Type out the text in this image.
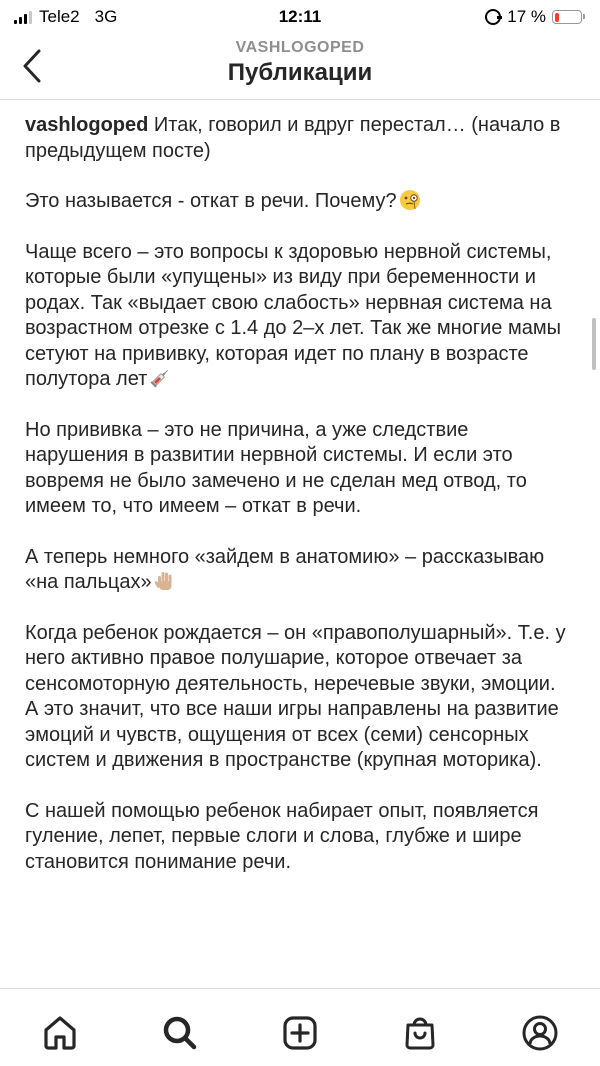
Tele2 3G	12:11	17 %
VASHLOGOPED
Публикации

vashlogoped Итак, говорил и вдруг перестал… (начало в предыдущем посте)

Это называется - откат в речи. Почему?

Чаще всего – это вопросы к здоровью нервной системы, которые были «упущены» из виду при беременности и родах. Так «выдает свою слабость» нервная система на возрастном отрезке с 1.4 до 2–х лет. Так же многие мамы сетуют на прививку, которая идет по плану в возрасте полутора лет

Но прививка – это не причина, а уже следствие нарушения в развитии нервной системы. И если это вовремя не было замечено и не сделан мед отвод, то имеем то, что имеем – откат в речи.

А теперь немного «зайдем в анатомию» – рассказываю «на пальцах»

Когда ребенок рождается – он «правополушарный». Т.е. у него активно правое полушарие, которое отвечает за сенсомоторную деятельность, неречевые звуки, эмоции. А это значит, что все наши игры направлены на развитие эмоций и чувств, ощущения от всех (семи) сенсорных систем и движения в пространстве (крупная моторика).

С нашей помощью ребенок набирает опыт, появляется гуление, лепет, первые слоги и слова, глубже и шире становится понимание речи.
